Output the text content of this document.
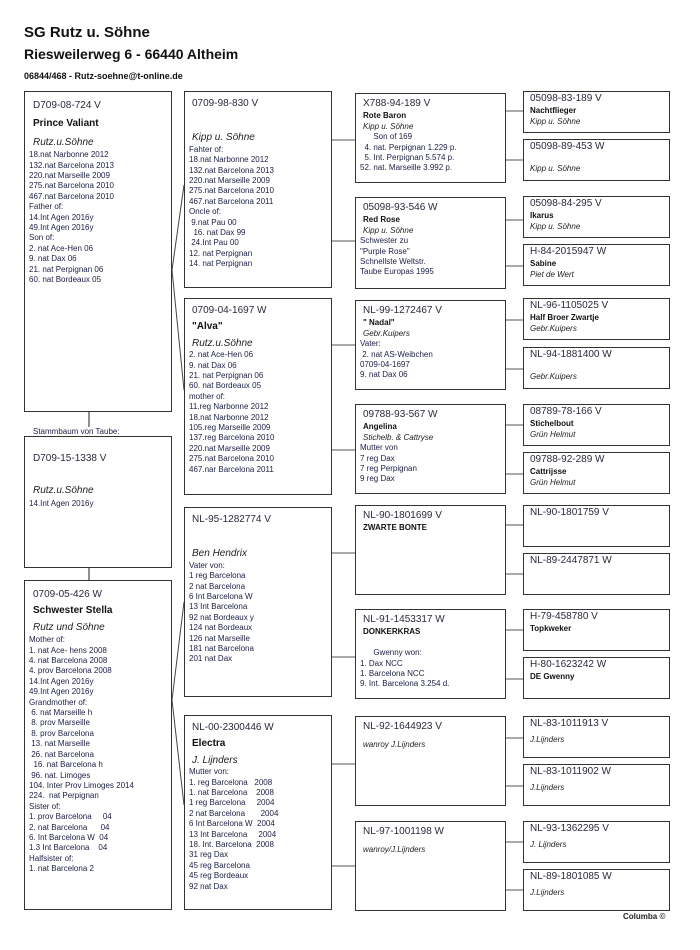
SG Rutz u. Söhne
Riesweilerweg 6 - 66440 Altheim
06844/468 - Rutz-soehne@t-online.de
D709-08-724 V
Prince Valiant
Rutz.u.Söhne
18.nat Narbonne 2012
132.nat Barcelona 2013
220.nat Marseille 2009
275.nat Barcelona 2010
467.nat Barcelona 2010
Father of:
14.Int Agen 2016y
49.Int Agen 2016y
Son of:
2. nat Ace-Hen 06
9. nat Dax 06
21. nat Perpignan 06
60. nat Bordeaux 05
D709-15-1338 V
Rutz.u.Söhne
14.Int Agen 2016y
Stammbaum von Taube:
0709-05-426 W
Schwester Stella
Rutz und Söhne
Mother of:
1. nat Ace- hens 2008
4. nat Barcelona 2008
4. prov Barcelona 2008
14.Int Agen 2016y
49.Int Agen 2016y
Grandmother of:
6. nat Marseille h
8. prov Marseille
8. prov Barcelona
13. nat Marseille
26. nat Barcelona
16. nat Barcelona h
96. nat. Limoges
104. Inter Prov Limoges 2014
224.  nat Perpignan
Sister of:
1. prov Barcelona     04
2. nat Barcelona      04
6. Int Barcelona W  04
1.3 Int Barcelona    04
Halfsister of:
1. nat Barcelona 2
0709-98-830 V
Kipp u. Söhne
Fahter of:
18.nat Narbonne 2012
132.nat Barcelona 2013
220.nat Marseille 2009
275.nat Barcelona 2010
467.nat Barcelona 2011
Oncle of:
9.nat Pau 00
16. nat Dax 99
24.Int Pau 00
12. nat Perpignan
14. nat Perpignan
0709-04-1697 W
"Alva"
Rutz.u.Söhne
2. nat Ace-Hen 06
9. nat Dax 06
21. nat Perpignan 06
60. nat Bordeaux 05
mother of:
11.reg Narbonne 2012
18.nat Narbonne 2012
105.reg Marseille 2009
137.reg Barcelona 2010
220.nat Marseille 2009
275.nat Barcelona 2010
467.nar Barcelona 2011
NL-95-1282774 V
Ben Hendrix
Vater von:
1 reg Barcelona
2 nat Barcelona
6 Int Barcelona W
13 Int Barcelona
92 nat Bordeaux y
124 nat Bordeaux
126 nat Marseille
181 nat Barcelona
201 nat Dax
NL-00-2300446 W
Electra
J. Lijnders
Mutter von:
1. reg Barcelona   2008
1. nat Barcelona    2008
1 reg Barcelona     2004
2 nat Barcelona       2004
6 Int Barcelona W  2004
13 Int Barcelona     2004
18. Int. Barcelona  2008
31 reg Dax
45 reg Barcelona
45 reg Bordeaux
92 nat Dax
X788-94-189 V
Rote Baron
Kipp u. Söhne
Son of 169
4. nat. Perpignan 1.229 p.
5. Int. Perpignan 5.574 p.
52. nat. Marseille 3.992 p.
05098-93-546 W
Red Rose
Kipp u. Söhne
Schwester zu
"Purple Rose"
Schnellste Weltstr.
Taube Europas 1995
NL-99-1272467 V
" Nadal"
Gebr.Kuipers
Vater:
2. nat AS-Weibchen
0709-04-1697
9. nat Dax 06
09788-93-567 W
Angelina
Stichelb. & Cattryse
Mutter von
7 reg Dax
7 reg Perpignan
9 reg Dax
NL-90-1801699 V
ZWARTE BONTE
NL-91-1453317 W
DONKERKRAS

Gwenny won:
1. Dax NCC
1. Barcelona NCC
9. Int. Barcelona 3.254 d.
NL-92-1644923 V
wanroy J.Lijnders
NL-97-1001198 W
wanroy/J.Lijnders
05098-83-189 V
Nachtflieger
Kipp u. Söhne
05098-89-453 W
Kipp u. Söhne
05098-84-295 V
Ikarus
Kipp u. Söhne
H-84-2015947 W
Sabine
Piet de Wert
NL-96-1105025 V
Half Broer Zwartje
Gebr.Kuipers
NL-94-1881400 W
Gebr.Kuipers
08789-78-166 V
Stichelbout
Grün Helmut
09788-92-289 W
Cattrijsse
Grün Helmut
NL-90-1801759 V
NL-89-2447871 W
H-79-458780 V
Topkweker
H-80-1623242 W
DE Gwenny
NL-83-1011913 V
J.Lijnders
NL-83-1011902 W
J.Lijnders
NL-93-1362295 V
J. Lijnders
NL-89-1801085 W
J.Lijnders
Columba ©
